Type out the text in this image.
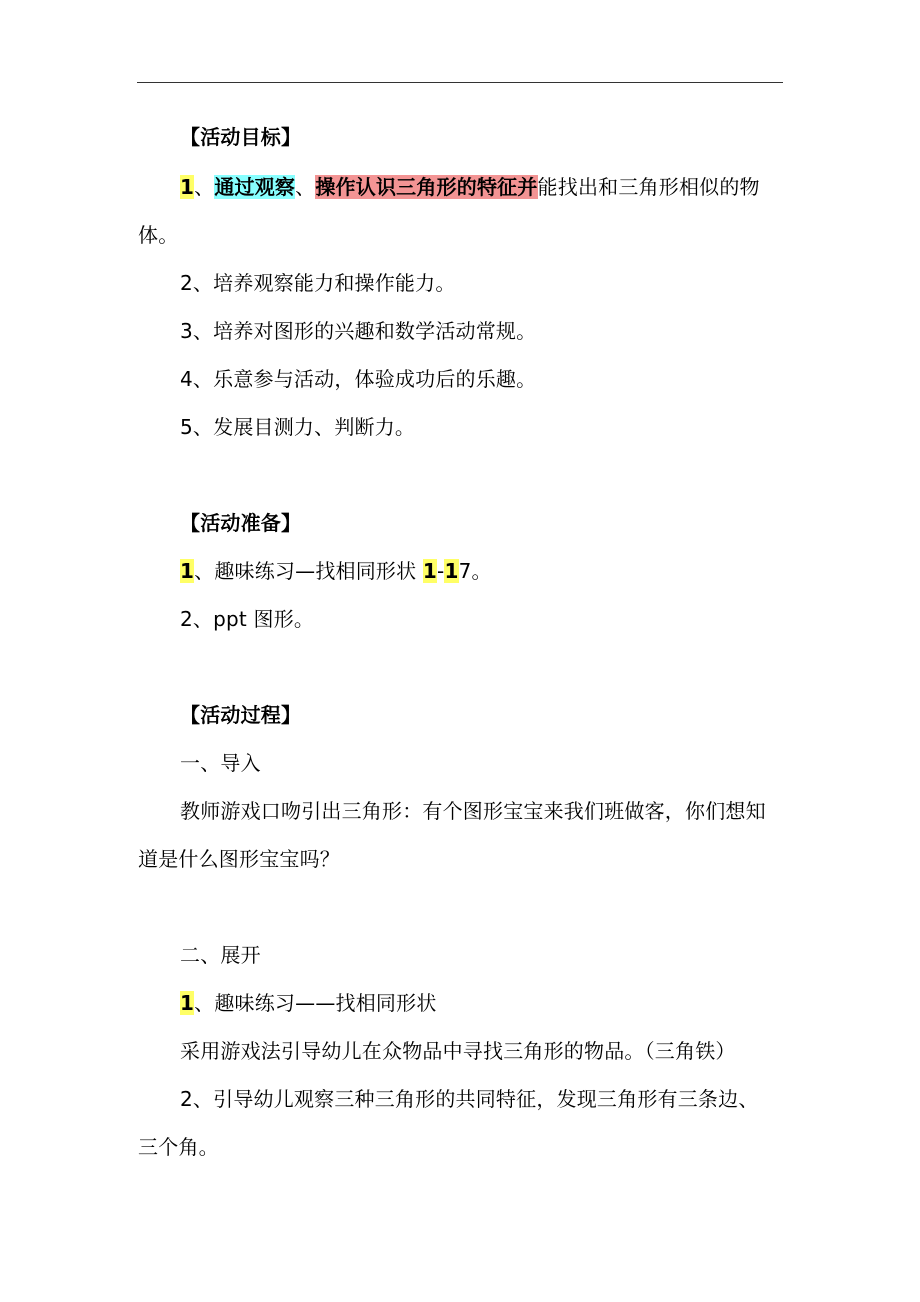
【活动目标】
1、通过观察、操作认识三角形的特征并能找出和三角形相似的物
体。
2、培养观察能力和操作能力。
3、培养对图形的兴趣和数学活动常规。
4、乐意参与活动，体验成功后的乐趣。
5、发展目测力、判断力。
【活动准备】
1、趣味练习—找相同形状 1-17。
2、ppt 图形。
【活动过程】
一、导入
教师游戏口吻引出三角形：有个图形宝宝来我们班做客，你们想知
道是什么图形宝宝吗？
二、展开
1、趣味练习——找相同形状
采用游戏法引导幼儿在众物品中寻找三角形的物品。（三角铁）
2、引导幼儿观察三种三角形的共同特征，发现三角形有三条边、
三个角。
